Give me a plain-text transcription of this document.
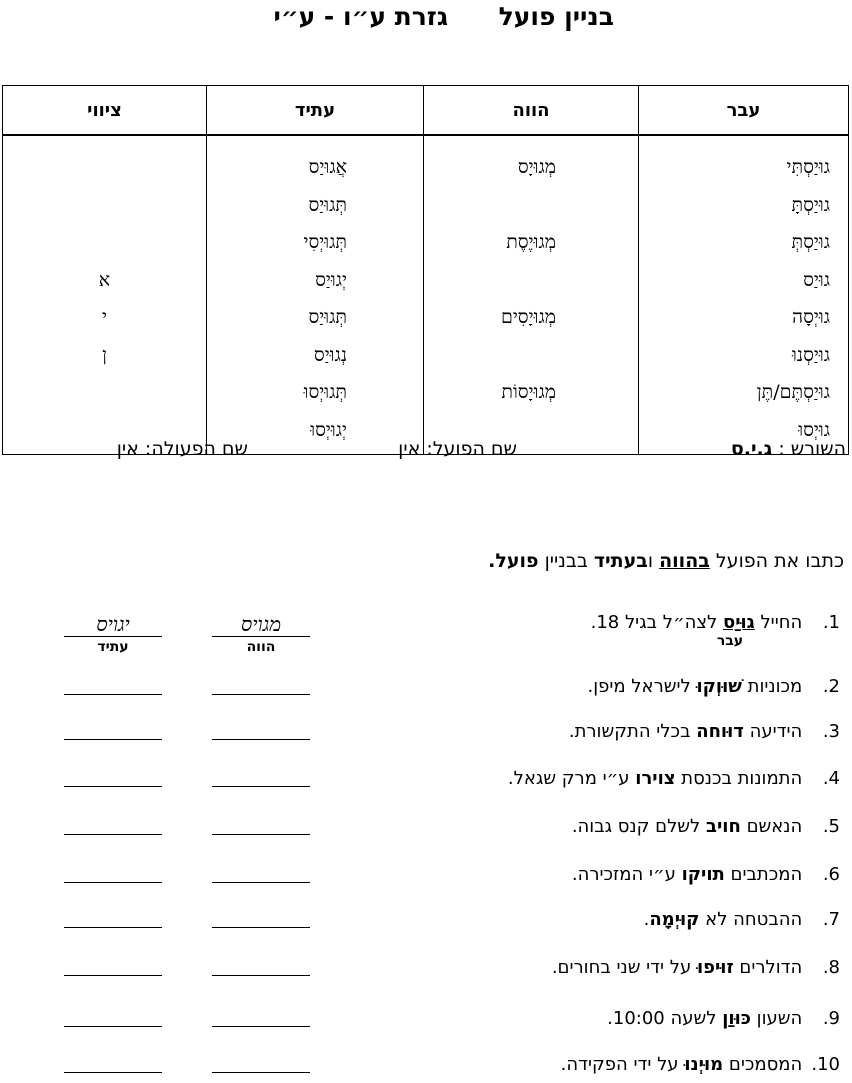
בניין פועל
גזרת ע״ו - ע״י
עבר	הווה	עתיד	ציווי
גוּיַסְתִּי	מְגוּיָס	אֲגוּיַס	
גוּיַסְתָּ		תְּגוּיַס	
גוּיַסְתְּ	מְגוּיֶסֶת	תְּגוּיְסִי	
גוּיַס		יְגוּיַס	א
גוּיְסָה	מְגוּיָסִים	תְּגוּיַס	י
גוּיַסְנוּ		נְגוּיַס	ן
גוּיַסְתֶּם/תֶּן	מְגוּיָסוֹת	תְּגוּיְסוּ	
גוּיְסוּ		יְגוּיְסוּ	
השורש : ג.י.ס
שם הפועל: אין
שם הפעולה: אין
כתבו את הפועל בהווה ובעתיד בבניין פועל.
מגויס
הווה
יגויס
עתיד
1. החייל גוּיַס לצה״ל בגיל 18.
עבר
2. מכוניות שׁוּוְקוּ לישראל מיפן.
3. הידיעה דוּוחה בכלי התקשורת.
4. התמונות בכנסת צוירו ע״י מרק שגאל.
5. הנאשם חויב לשלם קנס גבוה.
6. המכתבים תויקו ע״י המזכירה.
7. ההבטחה לא קוּיְמָה.
8. הדולרים זוּיפוּ על ידי שני בחורים.
9. השעון כּוּוַן לשעה 10:00.
10. המסמכים מוּיְנוּ על ידי הפקידה.
